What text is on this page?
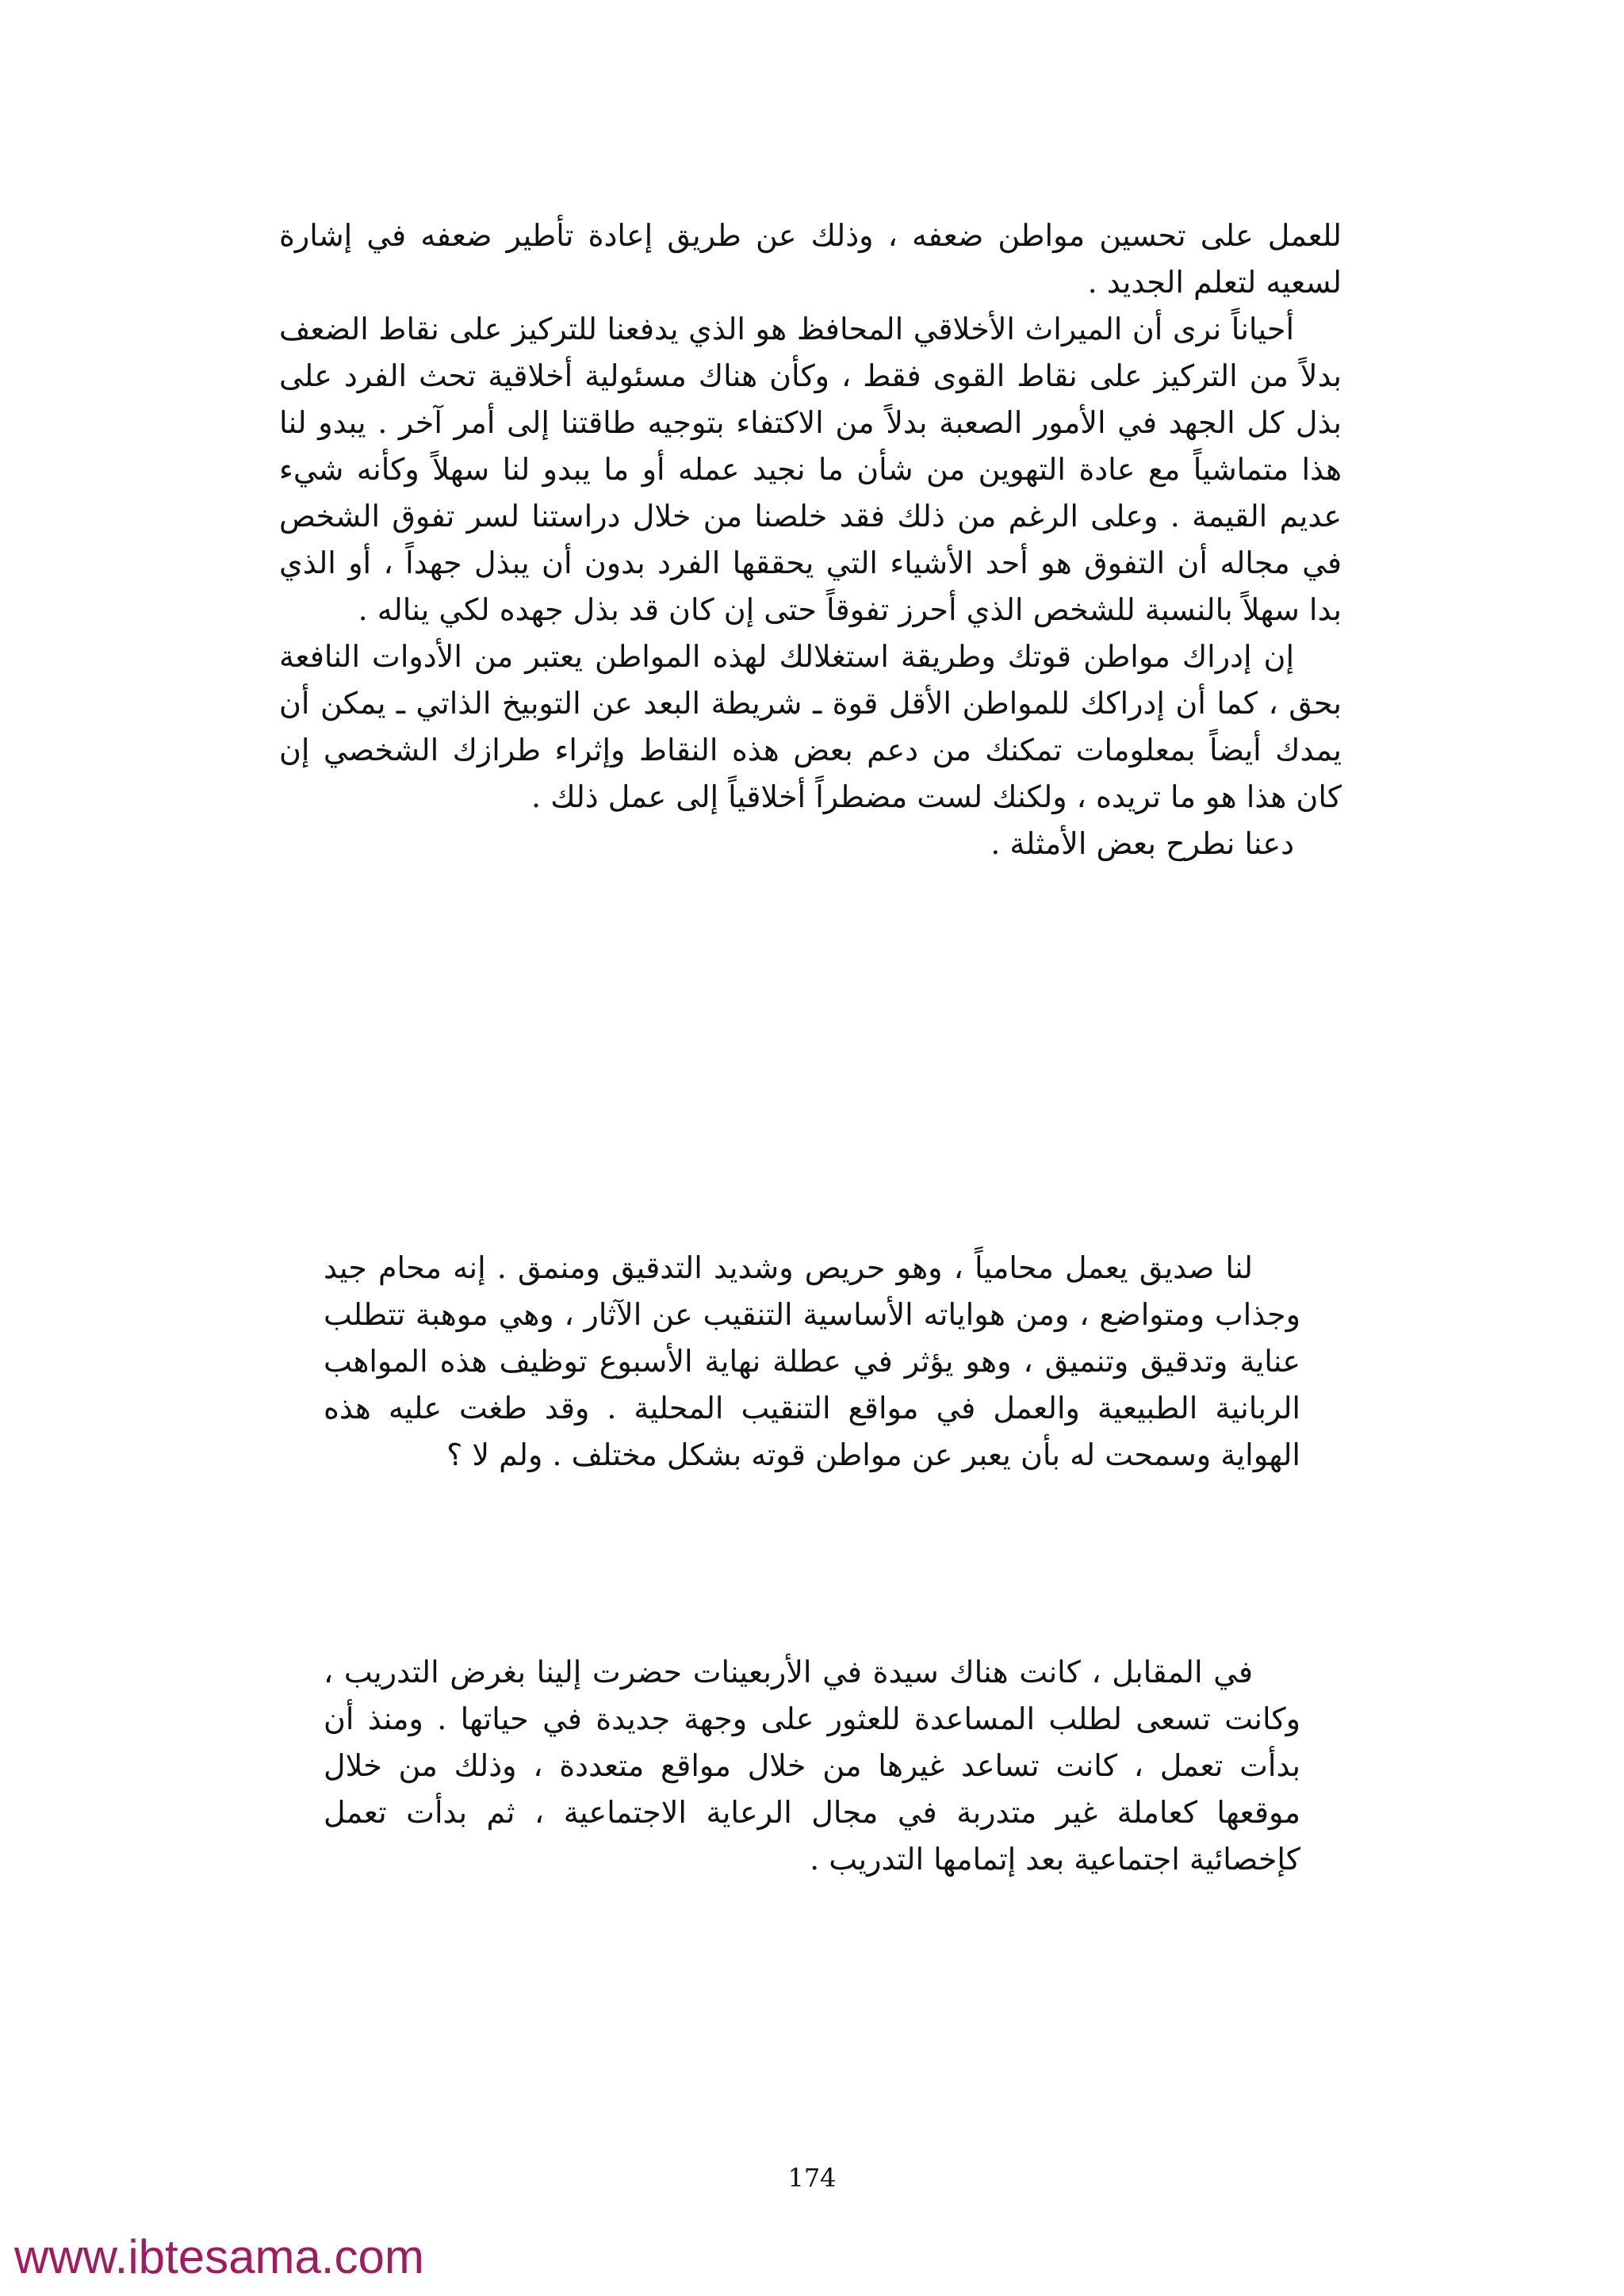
للعمل على تحسين مواطن ضعفه ، وذلك عن طريق إعادة تأطير ضعفه في إشارة لسعيه لتعلم الجديد .

أحياناً نرى أن الميراث الأخلاقي المحافظ هو الذي يدفعنا للتركيز على نقاط الضعف بدلاً من التركيز على نقاط القوى فقط ، وكأن هناك مسئولية أخلاقية تحث الفرد على بذل كل الجهد في الأمور الصعبة بدلاً من الاكتفاء بتوجيه طاقتنا إلى أمر آخر . يبدو لنا هذا متماشياً مع عادة التهوين من شأن ما نجيد عمله أو ما يبدو لنا سهلاً وكأنه شيء عديم القيمة . وعلى الرغم من ذلك فقد خلصنا من خلال دراستنا لسر تفوق الشخص في مجاله أن التفوق هو أحد الأشياء التي يحققها الفرد بدون أن يبذل جهداً ، أو الذي بدا سهلاً بالنسبة للشخص الذي أحرز تفوقاً حتى إن كان قد بذل جهده لكي يناله .

إن إدراك مواطن قوتك وطريقة استغلالك لهذه المواطن يعتبر من الأدوات النافعة بحق ، كما أن إدراكك للمواطن الأقل قوة ـ شريطة البعد عن التوبيخ الذاتي ـ يمكن أن يمدك أيضاً بمعلومات تمكنك من دعم بعض هذه النقاط وإثراء طرازك الشخصي إن كان هذا هو ما تريده ، ولكنك لست مضطراً أخلاقياً إلى عمل ذلك .

دعنا نطرح بعض الأمثلة .

لنا صديق يعمل محامياً ، وهو حريص وشديد التدقيق ومنمق . إنه محام جيد وجذاب ومتواضع ، ومن هواياته الأساسية التنقيب عن الآثار ، وهي موهبة تتطلب عناية وتدقيق وتنميق ، وهو يؤثر في عطلة نهاية الأسبوع توظيف هذه المواهب الربانية الطبيعية والعمل في مواقع التنقيب المحلية . وقد طغت عليه هذه الهواية وسمحت له بأن يعبر عن مواطن قوته بشكل مختلف . ولم لا ؟

في المقابل ، كانت هناك سيدة في الأربعينات حضرت إلينا بغرض التدريب ، وكانت تسعى لطلب المساعدة للعثور على وجهة جديدة في حياتها . ومنذ أن بدأت تعمل ، كانت تساعد غيرها من خلال مواقع متعددة ، وذلك من خلال موقعها كعاملة غير متدربة في مجال الرعاية الاجتماعية ، ثم بدأت تعمل كإخصائية اجتماعية بعد إتمامها التدريب .

174
www.ibtesama.com
